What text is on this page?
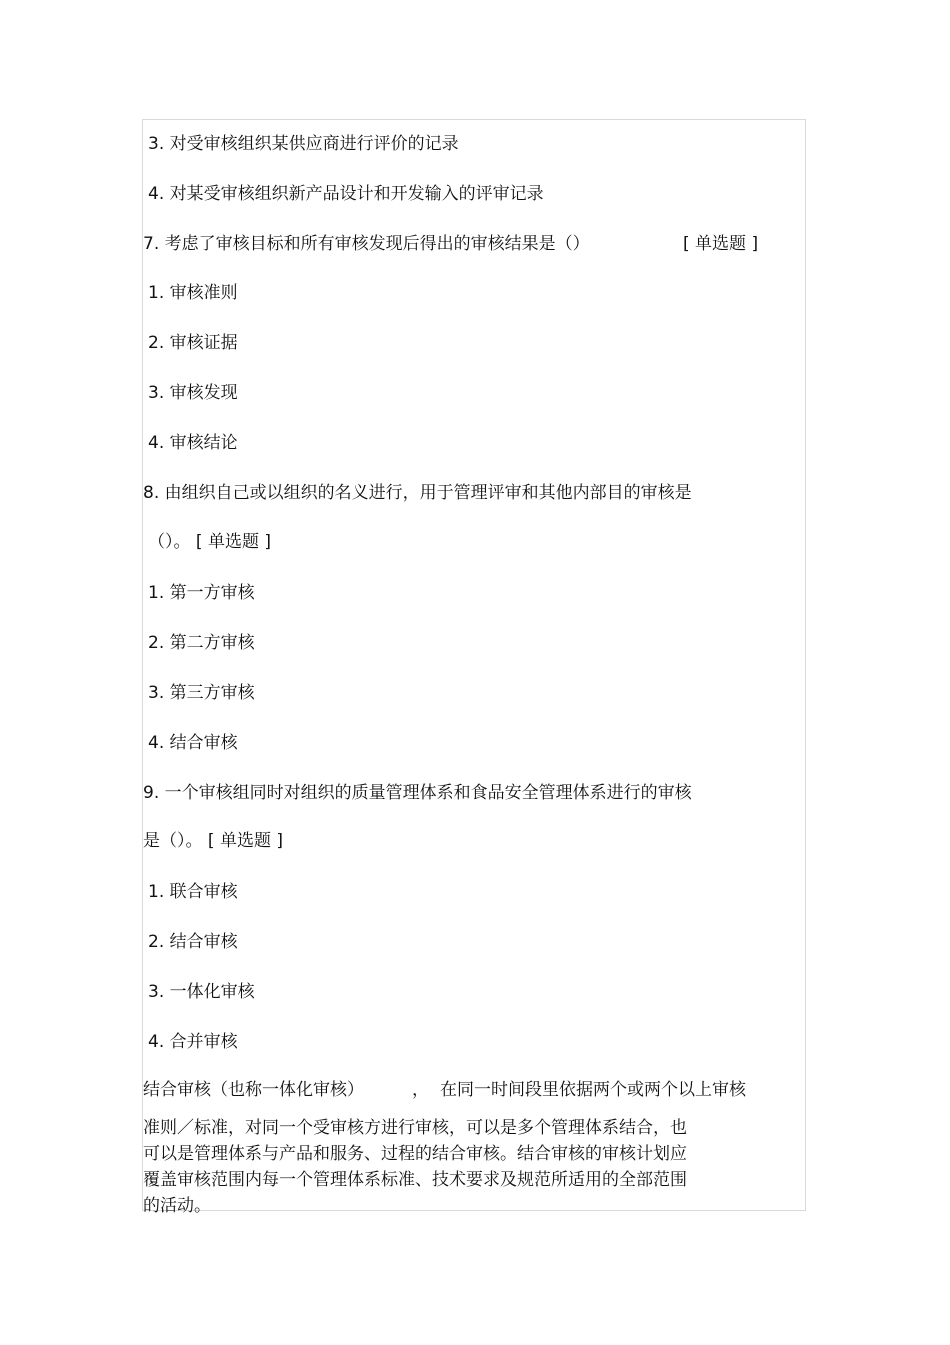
3. 对受审核组织某供应商进行评价的记录
4. 对某受审核组织新产品设计和开发输入的评审记录
7. 考虑了审核目标和所有审核发现后得出的审核结果是（）	[ 单选题 ]
1. 审核准则
2. 审核证据
3. 审核发现
4. 审核结论
8. 由组织自己或以组织的名义进行，用于管理评审和其他内部目的审核是
（）。 [ 单选题 ]
1. 第一方审核
2. 第二方审核
3. 第三方审核
4. 结合审核
9. 一个审核组同时对组织的质量管理体系和食品安全管理体系进行的审核
是（）。 [ 单选题 ]
1. 联合审核
2. 结合审核
3. 一体化审核
4. 合并审核
结合审核（也称一体化审核）	， 在同一时间段里依据两个或两个以上审核
准则／标准，对同一个受审核方进行审核，可以是多个管理体系结合，也
可以是管理体系与产品和服务、过程的结合审核。结合审核的审核计划应
覆盖审核范围内每一个管理体系标准、技术要求及规范所适用的全部范围
的活动。
